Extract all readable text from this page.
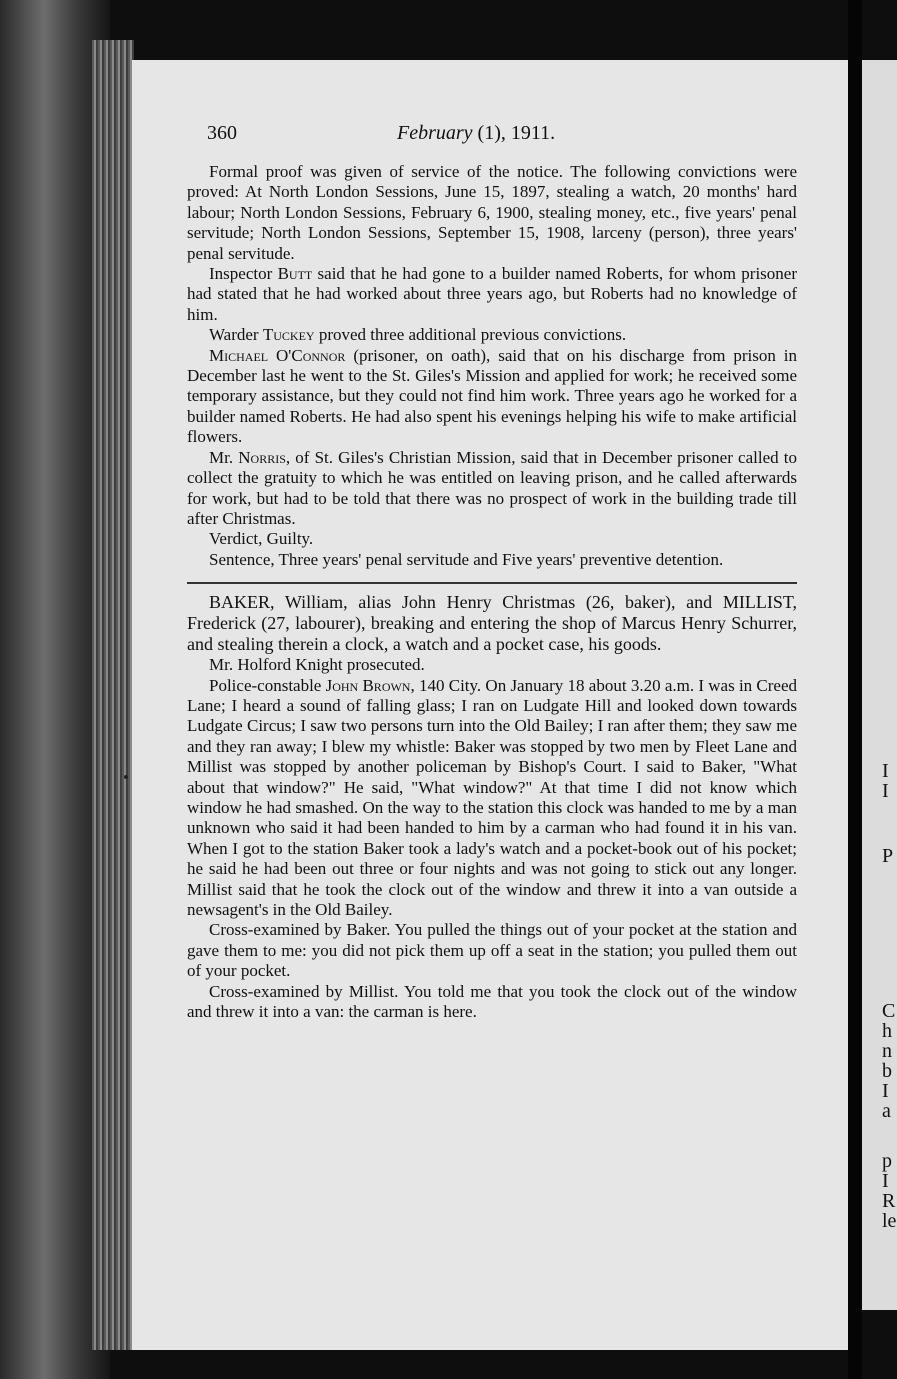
I
I
P
C
h
n
b
I
a
p
I
R
le
360	February (1), 1911.

Formal proof was given of service of the notice. The following convictions were proved: At North London Sessions, June 15, 1897, stealing a watch, 20 months' hard labour; North London Sessions, February 6, 1900, stealing money, etc., five years' penal servitude; North London Sessions, September 15, 1908, larceny (person), three years' penal servitude.

Inspector Butt said that he had gone to a builder named Roberts, for whom prisoner had stated that he had worked about three years ago, but Roberts had no knowledge of him.

Warder Tuckey proved three additional previous convictions.

Michael O'Connor (prisoner, on oath), said that on his discharge from prison in December last he went to the St. Giles's Mission and applied for work; he received some temporary assistance, but they could not find him work. Three years ago he worked for a builder named Roberts. He had also spent his evenings helping his wife to make artificial flowers.

Mr. Norris, of St. Giles's Christian Mission, said that in December prisoner called to collect the gratuity to which he was entitled on leaving prison, and he called afterwards for work, but had to be told that there was no prospect of work in the building trade till after Christmas.

Verdict, Guilty.

Sentence, Three years' penal servitude and Five years' preventive detention.

BAKER, William, alias John Henry Christmas (26, baker), and MILLIST, Frederick (27, labourer), breaking and entering the shop of Marcus Henry Schurrer, and stealing therein a clock, a watch and a pocket case, his goods.

Mr. Holford Knight prosecuted.

Police-constable John Brown, 140 City. On January 18 about 3.20 a.m. I was in Creed Lane; I heard a sound of falling glass; I ran on Ludgate Hill and looked down towards Ludgate Circus; I saw two persons turn into the Old Bailey; I ran after them; they saw me and they ran away; I blew my whistle: Baker was stopped by two men by Fleet Lane and Millist was stopped by another policeman by Bishop's Court. I said to Baker, "What about that window?" He said, "What window?" At that time I did not know which window he had smashed. On the way to the station this clock was handed to me by a man unknown who said it had been handed to him by a carman who had found it in his van. When I got to the station Baker took a lady's watch and a pocket-book out of his pocket; he said he had been out three or four nights and was not going to stick out any longer. Millist said that he took the clock out of the window and threw it into a van outside a newsagent's in the Old Bailey.

Cross-examined by Baker. You pulled the things out of your pocket at the station and gave them to me: you did not pick them up off a seat in the station; you pulled them out of your pocket.

Cross-examined by Millist. You told me that you took the clock out of the window and threw it into a van: the carman is here.
